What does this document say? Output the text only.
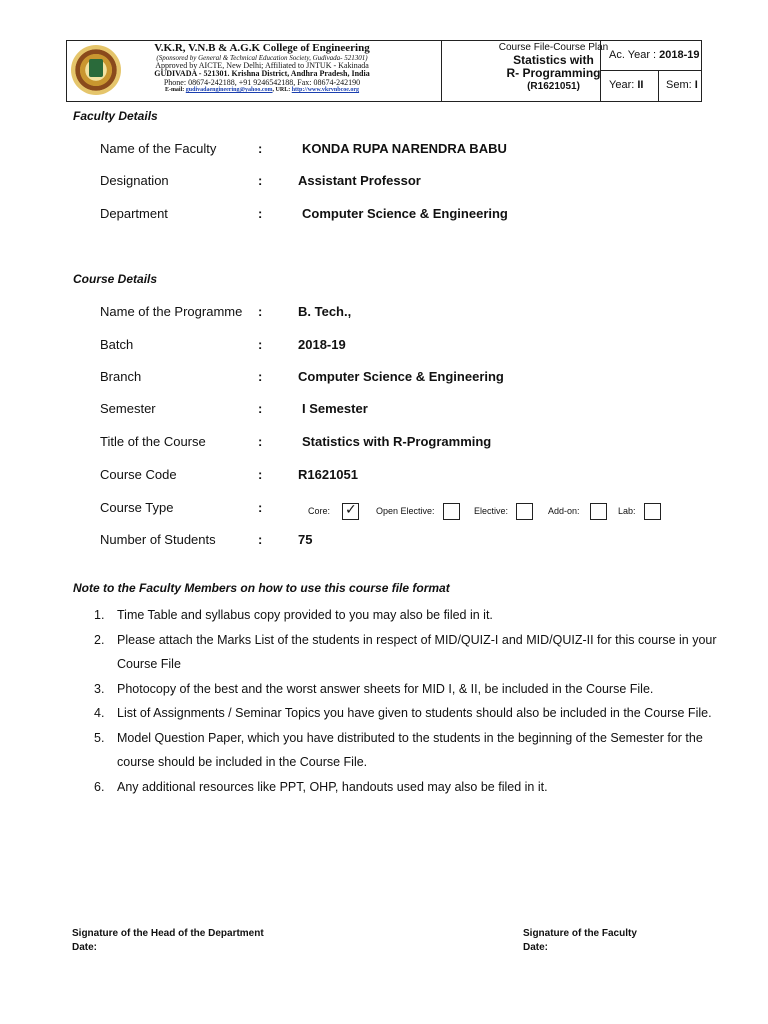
V.K.R, V.N.B & A.G.K College of Engineering
(Sponsored by General & Technical Education Society, Gudivada- 521301)
Approved by AICTE, New Delhi; Affiliated to JNTUK - Kakinada
GUDIVADA - 521301. Krishna District, Andhra Pradesh, India
Phone: 08674-242188, +91 9246542188, Fax: 08674-242190
E-mail: gudivadaengineering@yahoo.com, URL: http://www.vkrvnbcoe.org
Course File-Course Plan
Statistics with
R- Programming
(R1621051)
Ac. Year : 2018-19
Year: II Sem: I
Faculty Details
Name of the Faculty	:	KONDA RUPA NARENDRA BABU
Designation	:	Assistant Professor
Department	:	Computer Science & Engineering
Course Details
Name of the Programme :	B. Tech.,
Batch	:	2018-19
Branch	:	Computer Science & Engineering
Semester	:	I Semester
Title of the Course	:	Statistics with R-Programming
Course Code	:	R1621051
Course Type	:	Core:
✓	Open Elective:	Elective:	Add-on:	Lab:
Number of Students	:	75
Note to the Faculty Members on how to use this course file format
1. Time Table and syllabus copy provided to you may also be filed in it.
2. Please attach the Marks List of the students in respect of MID/QUIZ-I and MID/QUIZ-II for this course in your Course File
3. Photocopy of the best and the worst answer sheets for MID I, & II, be included in the Course File.
4. List of Assignments / Seminar Topics you have given to students should also be included in the Course File.
5. Model Question Paper, which you have distributed to the students in the beginning of the Semester for the course should be included in the Course File.
6. Any additional resources like PPT, OHP, handouts used may also be filed in it.
Signature of the Head of the Department
Date:
Signature of the Faculty
Date:
